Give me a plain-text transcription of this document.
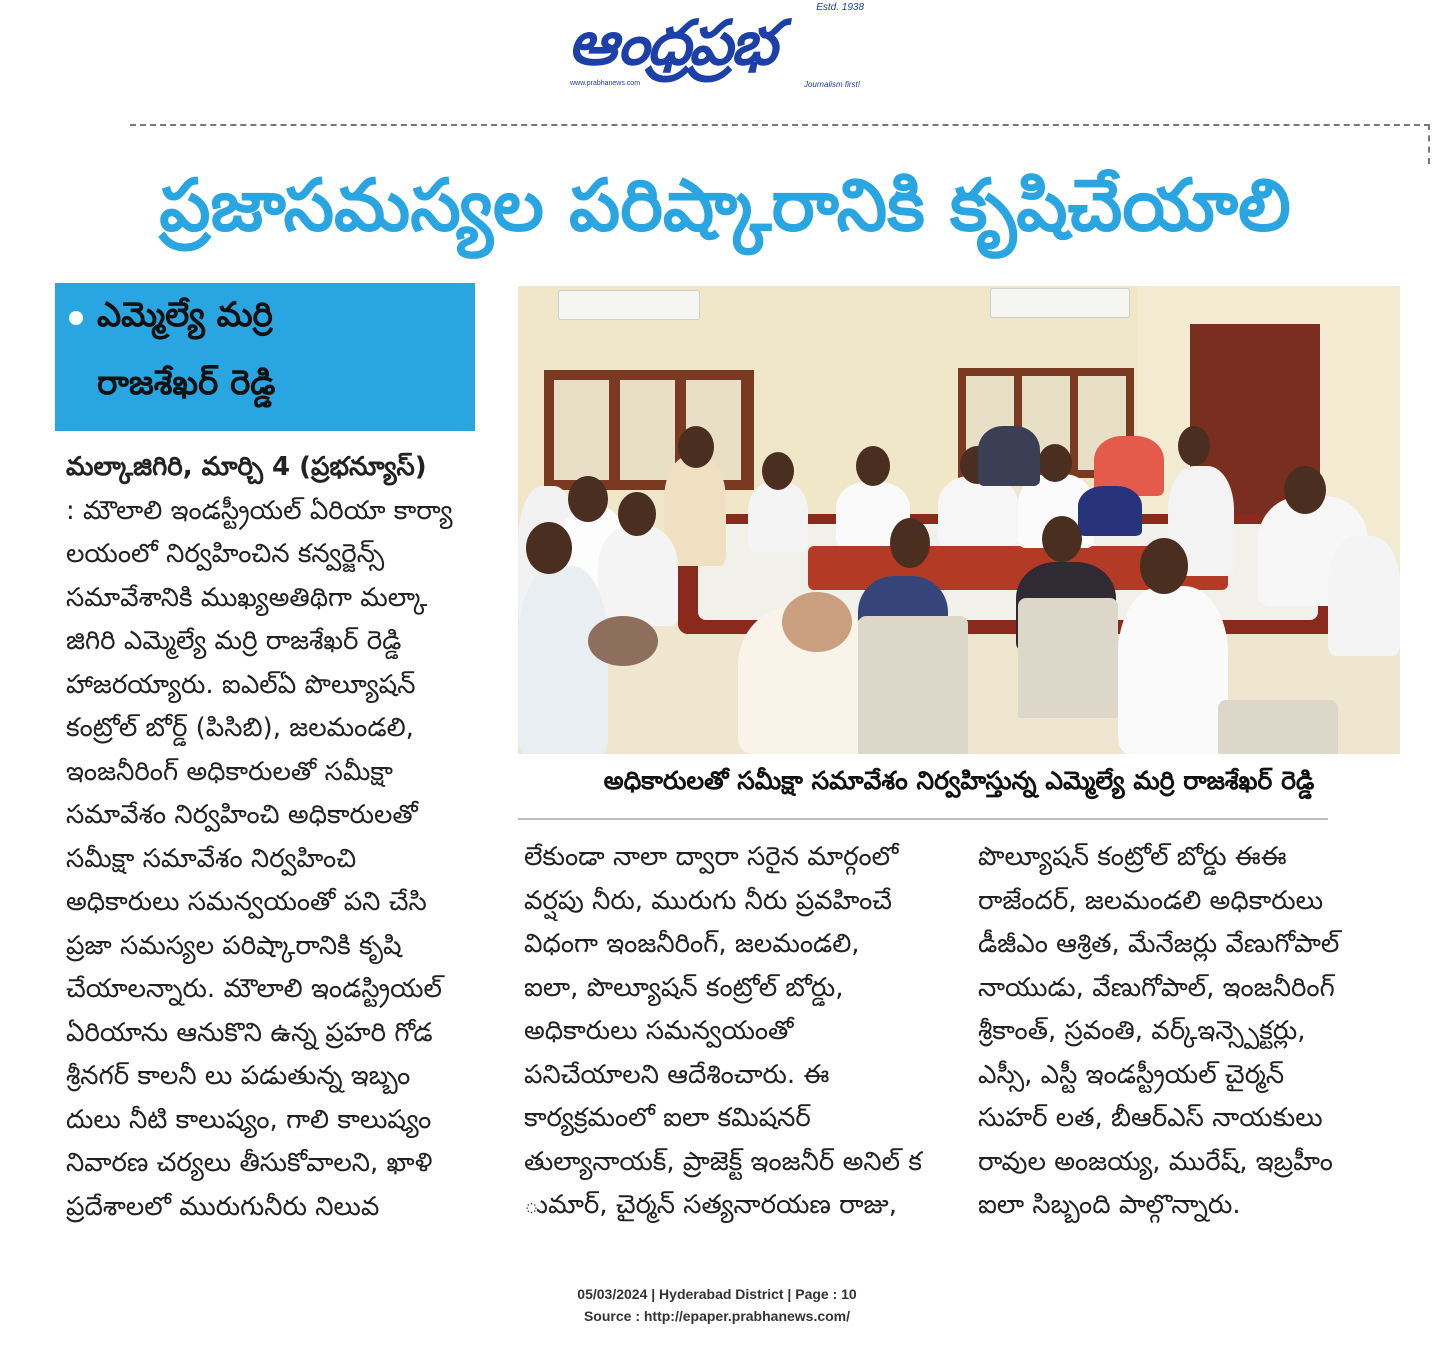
Estd. 1938
ఆంధ్రప్రభ
www.prabhanews.com	Journalism first!
ప్రజాసమస్యల పరిష్కారానికి కృషిచేయాలి
ఎమ్మెల్యే మర్రి
రాజశేఖర్ రెడ్డి
మల్కాజిగిరి, మార్చి 4 (ప్రభన్యూస్)
: మౌలాలి ఇండస్ట్రీయల్ ఏరియా కార్యా
లయంలో నిర్వహించిన కన్వర్జెన్స్
సమావేశానికి ముఖ్యఅతిథిగా మల్కా
జిగిరి ఎమ్మెల్యే మర్రి రాజశేఖర్ రెడ్డి
హాజరయ్యారు. ఐఎల్ఏ పొల్యూషన్
కంట్రోల్ బోర్డ్ (పిసిబి), జలమండలి,
ఇంజనీరింగ్ అధికారులతో సమీక్షా
సమావేశం నిర్వహించి అధికారులతో
సమీక్షా సమావేశం నిర్వహించి
అధికారులు సమన్వయంతో పని చేసి
ప్రజా సమస్యల పరిష్కారానికి కృషి
చేయాలన్నారు. మౌలాలి ఇండస్ట్రియల్
ఏరియాను ఆనుకొని ఉన్న ప్రహరి గోడ
శ్రీనగర్ కాలనీ లు పడుతున్న ఇబ్బం
దులు నీటి కాలుష్యం, గాలి కాలుష్యం
నివారణ చర్యలు తీసుకోవాలని, ఖాళి
ప్రదేశాలలో మురుగునీరు నిలువ
అధికారులతో సమీక్షా సమావేశం నిర్వహిస్తున్న ఎమ్మెల్యే మర్రి రాజశేఖర్ రెడ్డి
లేకుండా నాలా ద్వారా సరైన మార్గంలో
వర్షపు నీరు, మురుగు నీరు ప్రవహించే
విధంగా ఇంజనీరింగ్, జలమండలి,
ఐలా, పొల్యూషన్ కంట్రోల్ బోర్డు,
అధికారులు సమన్వయంతో
పనిచేయాలని ఆదేశించారు. ఈ
కార్యక్రమంలో ఐలా కమిషనర్
తుల్యానాయక్, ప్రాజెక్ట్ ఇంజనీర్ అనిల్ క
ుమార్, చైర్మన్ సత్యనారయణ రాజు,
పొల్యూషన్ కంట్రోల్ బోర్డు ఈఈ
రాజేందర్, జలమండలి అధికారులు
డీజీఎం ఆశ్రిత, మేనేజర్లు వేణుగోపాల్
నాయుడు, వేణుగోపాల్, ఇంజనీరింగ్
శ్రీకాంత్, స్రవంతి, వర్క్ఇన్స్పెక్టర్లు,
ఎస్సీ, ఎస్టీ ఇండస్ట్రీయల్ చైర్మన్
సుహర్ లత, బీఆర్ఎస్ నాయకులు
రావుల అంజయ్య, మురేష్, ఇబ్రహీం
ఐలా సిబ్బంది పాల్గొన్నారు.
05/03/2024 | Hyderabad District | Page : 10
Source : http://epaper.prabhanews.com/
